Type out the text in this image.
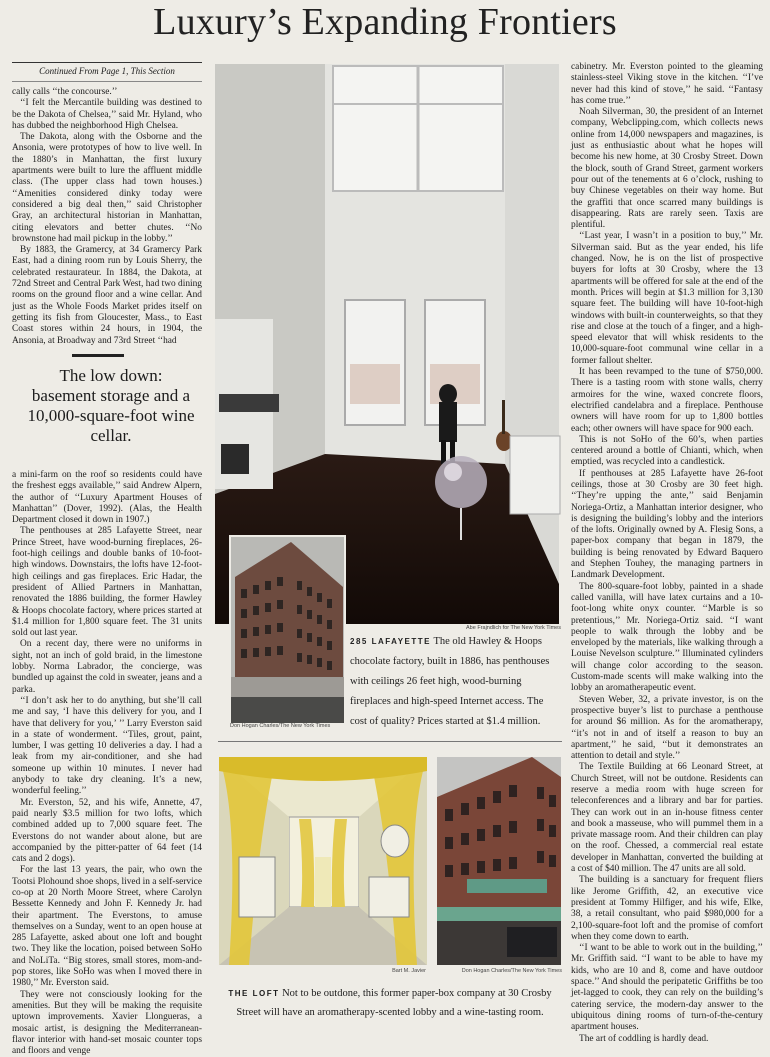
Luxury’s Expanding Frontiers
Continued From Page 1, This Section

cally calls ‘‘the concourse.’’

‘‘I felt the Mercantile building was destined to be the Dakota of Chelsea,’’ said Mr. Hyland, who has dubbed the neighborhood High Chelsea.

The Dakota, along with the Osborne and the Ansonia, were prototypes of how to live well. In the 1880’s in Manhattan, the first luxury apartments were built to lure the affluent middle class. (The upper class had town houses.) ‘‘Amenities considered dinky today were considered a big deal then,’’ said Christopher Gray, an architectural historian in Manhattan, citing elevators and better chutes. ‘‘No brownstone had mail pickup in the lobby.’’

By 1883, the Gramercy, at 34 Gramercy Park East, had a dining room run by Louis Sherry, the celebrated restaurateur. In 1884, the Dakota, at 72nd Street and Central Park West, had two dining rooms on the ground floor and a wine cellar. And just as the Whole Foods Market prides itself on getting its fish from Gloucester, Mass., to East Coast stores within 24 hours, in 1904, the Ansonia, at Broadway and 73rd Street ‘‘had

The low down: basement storage and a 10,000-square-foot wine cellar.

a mini-farm on the roof so residents could have the freshest eggs available,’’ said Andrew Alpern, the author of ‘‘Luxury Apartment Houses of Manhattan’’ (Dover, 1992). (Alas, the Health Department closed it down in 1907.)

The penthouses at 285 Lafayette Street, near Prince Street, have wood-burning fireplaces, 26-foot-high ceilings and double banks of 10-foot-high windows. Downstairs, the lofts have 12-foot-high ceilings and gas fireplaces. Eric Hadar, the president of Allied Partners in Manhattan, renovated the 1886 building, the former Hawley & Hoops chocolate factory, where prices started at $1.4 million for 1,800 square feet. The 31 units sold out last year.

On a recent day, there were no uniforms in sight, not an inch of gold braid, in the limestone lobby. Norma Labrador, the concierge, was bundled up against the cold in sweater, jeans and a parka.

‘‘I don’t ask her to do anything, but she’ll call me and say, ‘I have this delivery for you, and I have that delivery for you,’ ’’ Larry Everston said in a state of wonderment. ‘‘Tiles, grout, paint, lumber, I was getting 10 deliveries a day. I had a leak from my air-conditioner, and she had someone up within 10 minutes. I never had anybody to take dry cleaning. It’s a new, wonderful feeling.’’

Mr. Everston, 52, and his wife, Annette, 47, paid nearly $3.5 million for two lofts, which combined added up to 7,000 square feet. The Everstons do not wander about alone, but are accompanied by the pitter-patter of 64 feet (14 cats and 2 dogs).

For the last 13 years, the pair, who own the Tootsi Plohound shoe shops, lived in a self-service co-op at 20 North Moore Street, where Carolyn Bessette Kennedy and John F. Kennedy Jr. had their apartment. The Everstons, to amuse themselves on a Sunday, went to an open house at 285 Lafayette, asked about one loft and bought two. They like the location, poised between SoHo and NoLiTa. ‘‘Big stores, small stores, mom-and-pop stores, like SoHo was when I moved there in 1980,’’ Mr. Everston said.

They were not consciously looking for the amenities. But they will be making the requisite uptown improvements. Xavier Llongueras, a mosaic artist, is designing the Mediterranean-flavor interior with hand-set mosaic counter tops and floors and venge

cabinetry. Mr. Everston pointed to the gleaming stainless-steel Viking stove in the kitchen. ‘‘I’ve never had this kind of stove,’’ he said. ‘‘Fantasy has come true.’’

Noah Silverman, 30, the president of an Internet company, Webclipping.com, which collects news online from 14,000 newspapers and magazines, is just as enthusiastic about what he hopes will become his new home, at 30 Crosby Street. Down the block, south of Grand Street, garment workers pour out of the tenements at 6 o’clock, rushing to buy Chinese vegetables on their way home. But the graffiti that once scarred many buildings is disappearing. Rats are rarely seen. Taxis are plentiful.

‘‘Last year, I wasn’t in a position to buy,’’ Mr. Silverman said. But as the year ended, his life changed. Now, he is on the list of prospective buyers for lofts at 30 Crosby, where the 13 apartments will be offered for sale at the end of the month. Prices will begin at $1.3 million for 3,130 square feet. The building will have 10-foot-high windows with built-in counterweights, so that they rise and close at the touch of a finger, and a high-speed elevator that will whisk residents to the 10,000-square-foot communal wine cellar in a former fallout shelter.

It has been revamped to the tune of $750,000. There is a tasting room with stone walls, cherry armoires for the wine, waxed concrete floors, electrified candelabra and a fireplace. Penthouse owners will have room for up to 1,800 bottles each; other owners will have space for 900 each.

This is not SoHo of the 60’s, when parties centered around a bottle of Chianti, which, when emptied, was recycled into a candlestick.

If penthouses at 285 Lafayette have 26-foot ceilings, those at 30 Crosby are 30 feet high. ‘‘They’re upping the ante,’’ said Benjamin Noriega-Ortiz, a Manhattan interior designer, who is designing the building’s lobby and the interiors of the lofts. Originally owned by A. Flesig Sons, a paper-box company that began in 1879, the building is being renovated by Edward Baquero and Stephen Touhey, the managing partners in Landmark Development.

The 800-square-foot lobby, painted in a shade called vanilla, will have latex curtains and a 10-foot-long white onyx counter. ‘‘Marble is so pretentious,’’ Mr. Noriega-Ortiz said. ‘‘I want people to walk through the lobby and be enveloped by the materials, like walking through a Louise Nevelson sculpture.’’ Illuminated cylinders will change color according to the season. Custom-made scents will make walking into the lobby an aromatherapeutic event.

Steven Weber, 32, a private investor, is on the prospective buyer’s list to purchase a penthouse for around $6 million. As for the aromatherapy, ‘‘it’s not in and of itself a reason to buy an apartment,’’ he said, ‘‘but it demonstrates an attention to detail and style.’’

The Textile Building at 66 Leonard Street, at Church Street, will not be outdone. Residents can reserve a media room with huge screen for teleconferences and a library and bar for parties. They can work out in an in-house fitness center and book a masseuse, who will pummel them in a private massage room. And their children can play on the roof. Chessed, a commercial real estate developer in Manhattan, converted the building at a cost of $40 million. The 47 units are all sold.

The building is a sanctuary for frequent fliers like Jerome Griffith, 42, an executive vice president at Tommy Hilfiger, and his wife, Elke, 38, a retail consultant, who paid $980,000 for a 2,100-square-foot loft and the promise of comfort when they come down to earth.

‘‘I want to be able to work out in the building,’’ Mr. Griffith said. ‘‘I want to be able to have my kids, who are 10 and 8, come and have outdoor space.’’ And should the peripatetic Griffiths be too jet-lagged to cook, they can rely on the building’s catering service, the modern-day answer to the ubiquitous dining rooms of turn-of-the-century apartment houses.

The art of coddling is hardly dead.

Abe Frajndlich for The New York Times
Don Hogan Charles/The New York Times
285 LAFAYETTE The old Hawley & Hoops chocolate factory, built in 1886, has penthouses with ceilings 26 feet high, wood-burning fireplaces and high-speed Internet access. The cost of quality? Prices started at $1.4 million.
Bart M. Javier	Don Hogan Charles/The New York Times
THE LOFT Not to be outdone, this former paper-box company at 30 Crosby Street will have an aromatherapy-scented lobby and a wine-tasting room.
